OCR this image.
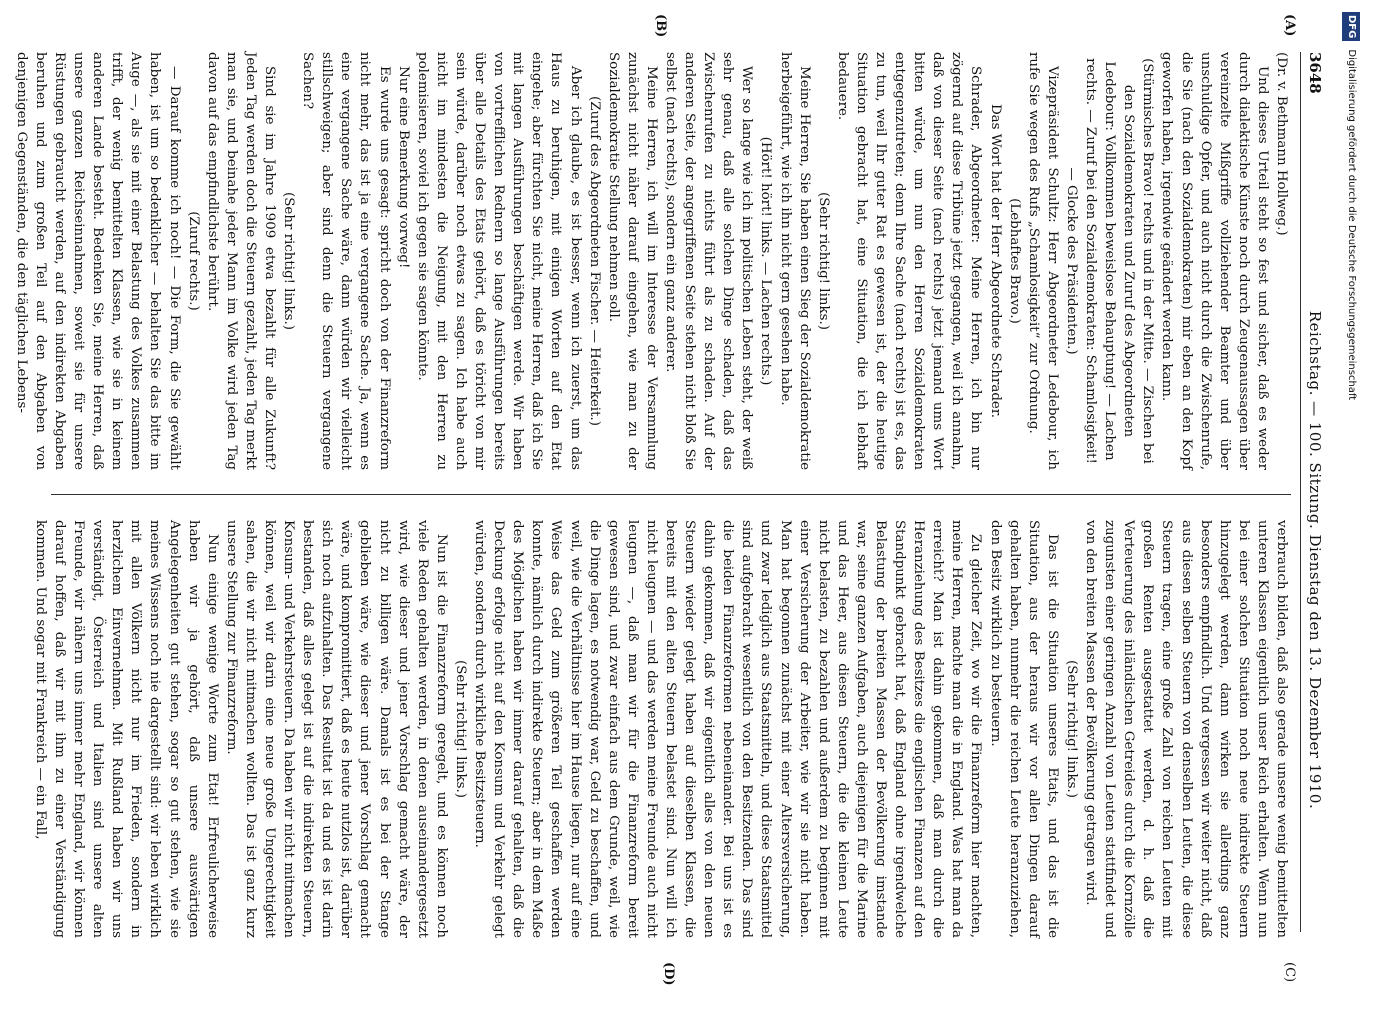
3648
Reichstag. — 100. Sitzung. Dienstag den 13. Dezember 1910.
(A)
(B)
(C)
(D)

(Dr. v. Bethmann Hollweg.)

Und dieses Urteil steht so fest und sicher, daß es weder durch dialektische Künste noch durch Zeugenaussagen über vereinzelte Mißgriffe vollziehender Beamter und über unschuldige Opfer, und auch nicht durch die Zwischenrufe, die Sie (nach den Sozialdemokraten) mir eben an den Kopf geworfen haben, irgendwie geändert werden kann.

(Stürmisches Bravo! rechts und in der Mitte. — Zischen bei den Sozialdemokraten und Zuruf des Abgeordneten Ledebour: Vollkommen beweislose Behauptung! — Lachen rechts. — Zuruf bei den Sozialdemokraten: Schamlosigkeit! — Glocke des Präsidenten.)

Vizepräsident Schultz: Herr Abgeordneter Ledebour, ich rufe Sie wegen des Rufs „Schamlosigkeit“ zur Ordnung.

(Lebhaftes Bravo.)

Das Wort hat der Herr Abgeordnete Schrader.

Schrader, Abgeordneter: Meine Herren, ich bin nur zögernd auf diese Tribüne jetzt gegangen, weil ich annahm, daß von dieser Seite (nach rechts) jetzt jemand ums Wort bitten würde, um nun den Herren Sozialdemokraten entgegenzutreten; denn Ihre Sache (nach rechts) ist es, das zu tun, weil Ihr guter Rat es gewesen ist, der die heutige Situation gebracht hat, eine Situation, die ich lebhaft bedauere.

(Sehr richtig! links.)

Meine Herren, Sie haben einen Sieg der Sozialdemokratie herbeigeführt, wie ich ihn nicht gern gesehen habe.

(Hört! hört! links. — Lachen rechts.)

Wer so lange wie ich im politischen Leben steht, der weiß sehr genau, daß alle solchen Dinge schaden, daß das Zwischenrufen zu nichts führt als zu schaden. Auf der anderen Seite, der angegriffenen Seite stehen nicht bloß Sie selbst (nach rechts), sondern ein ganz anderer.

Meine Herren, ich will im Interesse der Versammlung zunächst nicht näher darauf eingehen, wie man zu der Sozialdemokratie Stellung nehmen soll.

(Zuruf des Abgeordneten Fischer. — Heiterkeit.)

Aber ich glaube, es ist besser, wenn ich zuerst, um das Haus zu beruhigen, mit einigen Worten auf den Etat eingehe; aber fürchten Sie nicht, meine Herren, daß ich Sie mit langen Ausführungen beschäftigen werde. Wir haben von vortrefflichen Rednern so lange Ausführungen bereits über alle Details des Etats gehört, daß es töricht von mir sein würde, darüber noch etwas zu sagen. Ich habe auch nicht im mindesten die Neigung, mit den Herren zu polemisieren, soviel ich gegen sie sagen könnte.

Nur eine Bemerkung vorweg!

Es wurde uns gesagt: spricht doch von der Finanzreform nicht mehr, das ist ja eine vergangene Sache. Ja, wenn es eine vergangene Sache wäre, dann würden wir vielleicht stillschweigen; aber sind denn die Steuern vergangene Sachen?

(Sehr richtig! links.)

Sind sie im Jahre 1909 etwa bezahlt für alle Zukunft? Jeden Tag werden doch die Steuern gezahlt, jeden Tag merkt man sie, und beinahe jeder Mann im Volke wird jeden Tag davon auf das empfindlichste berührt.

(Zuruf rechts.)

— Darauf komme ich noch! — Die Form, die Sie gewählt haben, ist um so bedenklicher — behalten Sie das bitte im Auge —, als sie mit einer Belastung des Volkes zusammen trifft, der wenig bemittelten Klassen, wie sie in keinem anderen Lande besteht. Bedenken Sie, meine Herren, daß unsere ganzen Reichseinnahmen, soweit sie für unsere Rüstungen gebraucht werden, auf den indirekten Abgaben beruhen und zum großen Teil auf den Abgaben von denjenigen Gegenständen, die den täglichen Lebens-

verbrauch bilden, daß also gerade unsere wenig bemittelten unteren Klassen eigentlich unser Reich erhalten. Wenn nun bei einer solchen Situation noch neue indirekte Steuern hinzugelegt werden, dann wirken sie allerdings ganz besonders empfindlich. Und vergessen wir weiter nicht, daß aus diesen selben Steuern von denselben Leuten, die diese Steuern tragen, eine große Zahl von reichen Leuten mit großen Renten ausgestattet werden, d. h. daß die Verteuerung des inländischen Getreides durch die Kornzölle zugunsten einer geringen Anzahl von Leuten stattfindet und von den breiten Massen der Bevölkerung getragen wird.

(Sehr richtig! links.)

Das ist die Situation unseres Etats, und das ist die Situation, aus der heraus wir vor allen Dingen darauf gehalten haben, nunmehr die reichen Leute heranzuziehen, den Besitz wirklich zu besteuern.

Zu gleicher Zeit, wo wir die Finanzreform hier machten, meine Herren, machte man die in England. Was hat man da erreicht? Man ist dahin gekommen, daß man durch die Heranziehung des Besitzes die englischen Finanzen auf den Standpunkt gebracht hat, daß England ohne irgendwelche Belastung der breiten Massen der Bevölkerung imstande war, seine ganzen Aufgaben, auch diejenigen für die Marine und das Heer, aus diesen Steuern, die die kleinen Leute nicht belasten, zu bezahlen und außerdem zu beginnen mit einer Versicherung der Arbeiter, wie wir sie nicht haben. Man hat begonnen zunächst mit einer Altersversicherung, und zwar lediglich aus Staatsmitteln, und diese Staatsmittel sind aufgebracht wesentlich von den Besitzenden. Das sind die beiden Finanzreformen nebeneinander. Bei uns ist es dahin gekommen, daß wir eigentlich alles von den neuen Steuern wieder gelegt haben auf dieselben Klassen, die bereits mit den alten Steuern belastet sind. Nun will ich nicht leugnen — und das werden meine Freunde auch nicht leugnen —, daß man wir für die Finanzreform bereit gewesen sind, und zwar einfach aus dem Grunde, weil, wie die Dinge lagen, es notwendig war, Geld zu beschaffen, und weil, wie die Verhältnisse hier im Hause liegen, nur auf eine Weise das Geld zum größeren Teil geschaffen werden konnte, nämlich durch indirekte Steuern; aber in dem Maße des Möglichen haben wir immer darauf gehalten, daß die Deckung erfolge nicht auf den Konsum und Verkehr gelegt würden, sondern durch wirkliche Besitzsteuern.

(Sehr richtig! links.)

Nun ist die Finanzreform geregelt, und es können noch viele Reden gehalten werden, in denen auseinandergesetzt wird, wie dieser und jener Vorschlag gemacht wäre, der nicht zu billigen wäre. Damals ist es bei der Stange geblieben wäre, wie dieser und jener Vorschlag gemacht wäre, und kompromittiert, daß es heute nutzlos ist, darüber sich noch aufzuhalten. Das Resultat ist da und es ist darin bestanden, daß alles gelegt ist auf die indirekten Steuern, Konsum- und Verkehrsteuern. Da haben wir nicht mitmachen können, weil wir darin eine neue große Ungerechtigkeit sahen, die wir nicht mitmachen wollten. Das ist ganz kurz unsere Stellung zur Finanzreform.

Nun einige wenige Worte zum Etat! Erfreulicherweise haben wir ja gehört, daß unsere auswärtigen Angelegenheiten gut stehen, sogar so gut stehen, wie sie meines Wissens noch nie dargestellt sind: wir leben wirklich mit allen Völkern nicht nur im Frieden, sondern in herzlichem Einvernehmen. Mit Rußland haben wir uns verständigt, Österreich und Italien sind unsere alten Freunde, wir nähern uns immer mehr England, wir können darauf hoffen, daß wir mit ihm zu einer Verständigung kommen. Und sogar mit Frankreich — ein Fall,

DFGDigitalisierung gefördert durch die Deutsche Forschungsgemeinschaft
